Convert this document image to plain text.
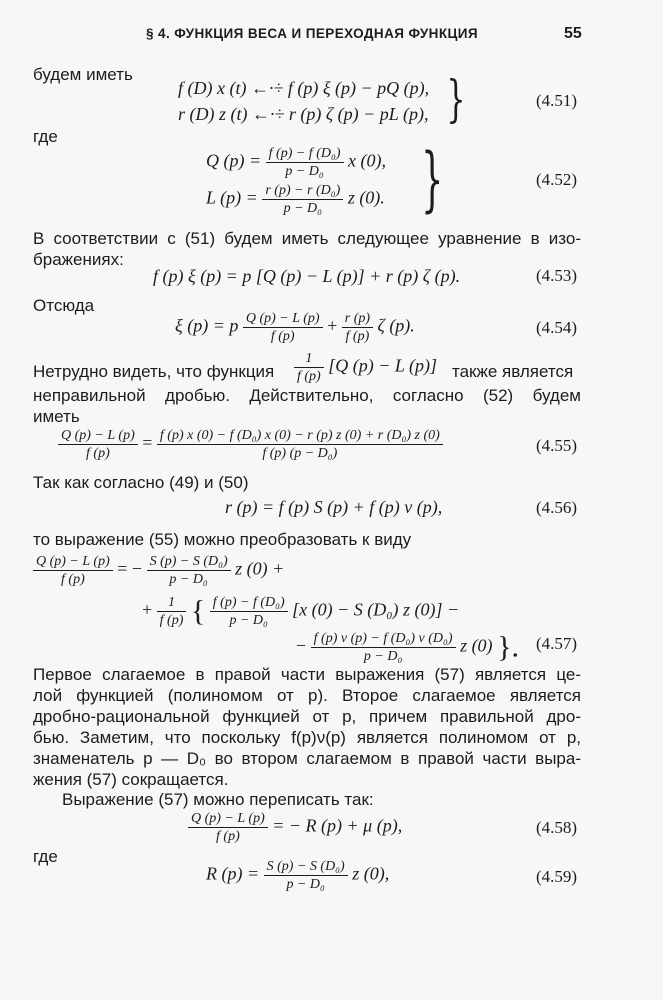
§ 4. ФУНКЦИЯ ВЕСА И ПЕРЕХОДНАЯ ФУНКЦИЯ	55
будем иметь
f (D) x (t) ←·÷ f (p) ξ (p) − pQ (p),
r (D) z (t) ←·÷ r (p) ζ (p) − pL (p), }	(4.51)
где
Q $(p) = \frac{\text{f (p) − f (D₀)}}{\text{p − D₀}}$ x (0),
L $(p) = \frac{\text{r (p) − r (D₀)}}{\text{p − D₀}}$ z (0). }	(4.52)
В соответствии с (51) будем иметь следующее уравнение в изо-
бражениях:
f (p) ξ (p) = p [Q (p) − L (p)] + r (p) ζ (p).	(4.53)
Отсюда
ξ (p) = p $\frac{Q (p) - L (p)}{f (p)} + \frac{r (p)}{f (p)}$ ζ (p).	(4.54)
Нетрудно видеть, что функция $\frac{1}{f (p)} [Q$ (p) − L (p)] также является
неправильной дробью. Действительно, согласно (52) будем
иметь
$\frac{Q (p) - L (p)}{f (p)} = \frac{\text{f (p) x (0) − f (D₀) x (0) − r (p) z (0) + r (D₀) z (0)}}{\text{f (p) (p − D₀)}}$	(4.55)
Так как согласно (49) и (50)
r (p) = f (p) S (p) + f (p) ν (p),	(4.56)
то выражение (55) можно преобразовать к виду
$\frac{Q (p) - L (p)}{f (p)}$ = − $\frac{\text{S (p) − S (D₀)}}{\text{p − D₀}}$ z (0) +
+ $\frac{1}{f (p)}$ { $\frac{\text{f (p) − f (D₀)}}{\text{p − D₀}} [x$ (0) − S (D₀) z (0)] −
− $\frac{\text{f (p) ν (p) − f (D₀) ν (D₀)}}{\text{p − D₀}}$ z (0) }. (4.57)
Первое слагаемое в правой части выражения (57) является це-
лой функцией (полиномом от p). Второе слагаемое является
дробно-рациональной функцией от p, причем правильной дро-
бью. Заметим, что поскольку f(p)ν(p) является полиномом от p,
знаменатель p — D₀ во втором слагаемом в правой части выра-
жения (57) сокращается.
Выражение (57) можно переписать так:
$\frac{Q (p) - L (p)}{f (p)}$ = − R (p) + μ (p),	(4.58)
где
R $(p) = \frac{\text{S (p) − S (D₀)}}{\text{p − D₀}}$ z (0),	(4.59)
